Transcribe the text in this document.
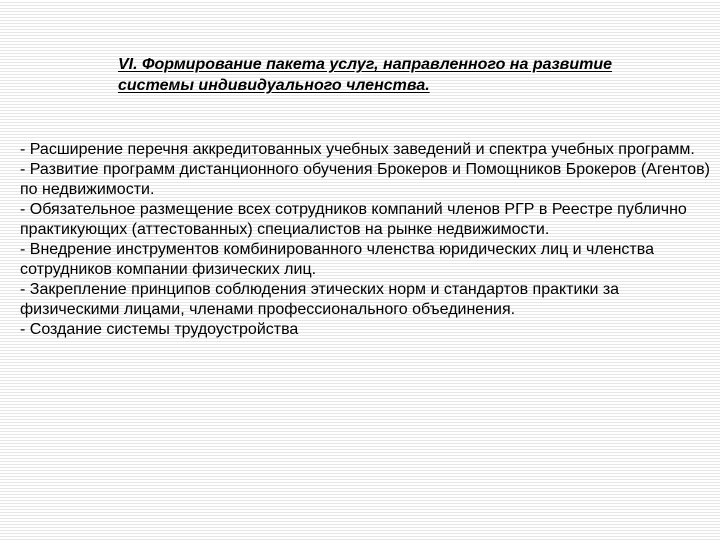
VI. Формирование пакета услуг, направленного на развитие системы индивидуального членства.
- Расширение перечня аккредитованных учебных заведений и спектра учебных программ.
- Развитие программ дистанционного обучения Брокеров и Помощников Брокеров (Агентов) по недвижимости.
- Обязательное размещение всех сотрудников компаний членов РГР в Реестре публично практикующих (аттестованных) специалистов на рынке недвижимости.
- Внедрение инструментов комбинированного членства юридических лиц и членства сотрудников компании физических лиц.
- Закрепление принципов соблюдения этических норм и стандартов практики за физическими лицами, членами профессионального объединения.
- Создание системы трудоустройства
